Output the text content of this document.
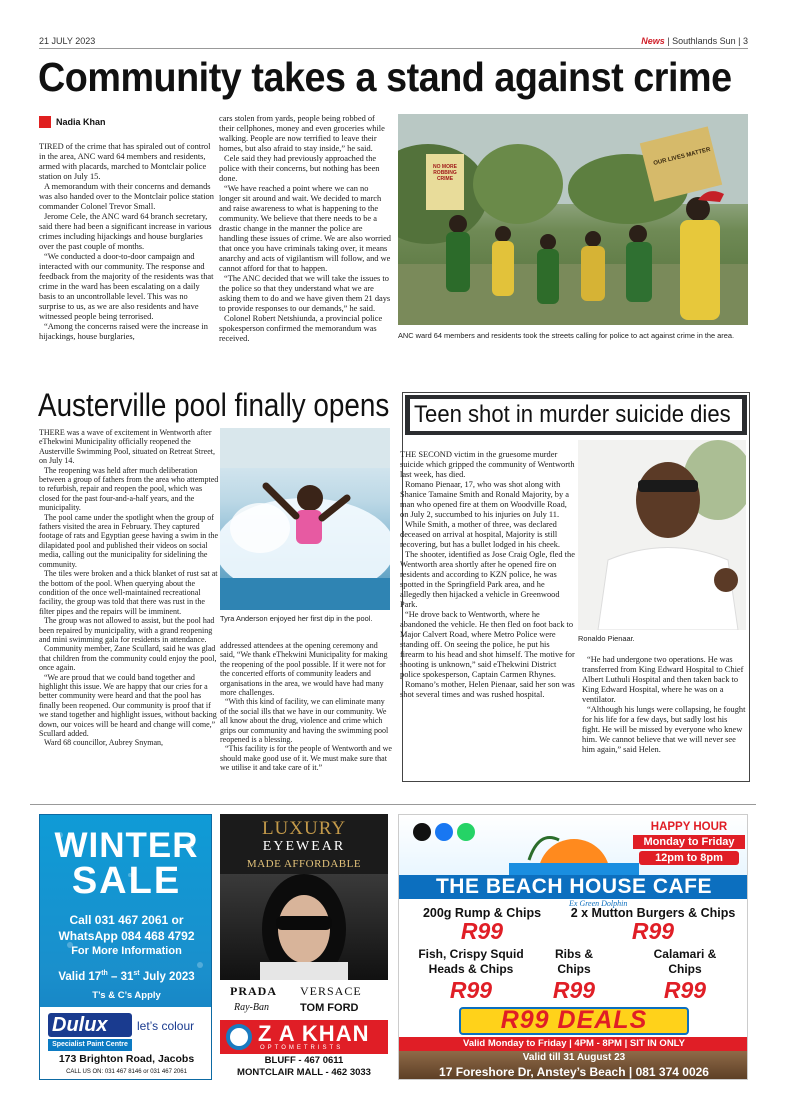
21 JULY 2023	News | Southlands Sun | 3
Community takes a stand against crime
Nadia Khan

TIRED of the crime that has spiraled out of control in the area, ANC ward 64 members and residents, armed with placards, marched to Montclair police station on July 15.

A memorandum with their concerns and demands was also handed over to the Montclair police station commander Colonel Trevor Small.

Jerome Cele, the ANC ward 64 branch secretary, said there had been a significant increase in various crimes including hijackings and house burglaries over the past couple of months.

“We conducted a door-to-door campaign and interacted with our community. The response and feedback from the majority of the residents was that crime in the ward has been escalating on a daily basis to an uncontrollable level. This was no surprise to us, as we are also residents and have witnessed people being terrorised.

“Among the concerns raised were the increase in hijackings, house burglaries,

cars stolen from yards, people being robbed of their cellphones, money and even groceries while walking. People are now terrified to leave their homes, but also afraid to stay inside,” he said.

Cele said they had previously approached the police with their concerns, but nothing has been done.

“We have reached a point where we can no longer sit around and wait. We decided to march and raise awareness to what is happening to the community. We believe that there needs to be a drastic change in the manner the police are handling these issues of crime. We are also worried that once you have criminals taking over, it means anarchy and acts of vigilantism will follow, and we cannot afford for that to happen.

“The ANC decided that we will take the issues to the police so that they understand what we are asking them to do and we have given them 21 days to provide responses to our demands,” he said.

Colonel Robert Netshiunda, a provincial police spokesperson confirmed the memorandum was received.

OUR LIVES MATTER
NO MORE ROBBING CRIME
ANC ward 64 members and residents took the streets calling for police to act against crime in the area.
Austerville pool finally opens

THERE was a wave of excitement in Wentworth after eThekwini Municipality officially reopened the Austerville Swimming Pool, situated on Retreat Street, on July 14.

The reopening was held after much deliberation between a group of fathers from the area who attempted to refurbish, repair and reopen the pool, which was closed for the past four-and-a-half years, and the municipality.

The pool came under the spotlight when the group of fathers visited the area in February. They captured footage of rats and Egyptian geese having a swim in the dilapidated pool and published their videos on social media, calling out the municipality for sidelining the community.

The tiles were broken and a thick blanket of rust sat at the bottom of the pool. When querying about the condition of the once well-maintained recreational facility, the group was told that there was rust in the filter pipes and the repairs will be imminent.

The group was not allowed to assist, but the pool had been repaired by municipality, with a grand reopening and mini swimming gala for residents in attendance.

Community member, Zane Scullard, said he was glad that children from the community could enjoy the pool, once again.

“We are proud that we could band together and highlight this issue. We are happy that our cries for a better community were heard and that the pool has finally been reopened. Our community is proof that if we stand together and highlight issues, without backing down, our voices will be heard and change will come,” Scullard added.

Ward 68 councillor, Aubrey Snyman,

Tyra Anderson enjoyed her first dip in the pool.

addressed attendees at the opening ceremony and said, “We thank eThekwini Municipality for making the reopening of the pool possible. If it were not for the concerted efforts of community leaders and organisations in the area, we would have had many more challenges.

“With this kind of facility, we can eliminate many of the social ills that we have in our community. We all know about the drug, violence and crime which grips our community and having the swimming pool reopened is a blessing.

“This facility is for the people of Wentworth and we should make good use of it. We must make sure that we utilise it and take care of it.”

Teen shot in murder suicide dies

THE SECOND victim in the gruesome murder suicide which gripped the community of Wentworth last week, has died.

Romano Pienaar, 17, who was shot along with Shanice Tamaine Smith and Ronald Majority, by a man who opened fire at them on Woodville Road, on July 2, succumbed to his injuries on July 11.

While Smith, a mother of three, was declared deceased on arrival at hospital, Majority is still recovering, but has a bullet lodged in his cheek.

The shooter, identified as Jose Craig Ogle, fled the Wentworth area shortly after he opened fire on residents and according to KZN police, he was spotted in the Springfield Park area, and he allegedly then hijacked a vehicle in Greenwood Park.

“He drove back to Wentworth, where he abandoned the vehicle. He then fled on foot back to Major Calvert Road, where Metro Police were standing off. On seeing the police, he put his firearm to his head and shot himself. The motive for shooting is unknown,” said eThekwini District police spokesperson, Captain Carmen Rhynes.

Romano’s mother, Helen Pienaar, said her son was shot several times and was rushed hospital.

Ronaldo Pienaar.

“He had undergone two operations. He was transferred from King Edward Hospital to Chief Albert Luthuli Hospital and then taken back to King Edward Hospital, where he was on a ventilator.

“Although his lungs were collapsing, he fought for his life for a few days, but sadly lost his fight. He will be missed by everyone who knew him. We cannot believe that we will never see him again,” said Helen.

WINTER
SALE
Call 031 467 2061 or
WhatsApp 084 468 4792
For More Information
Valid 17th – 31st July 2023
T’s & C’s Apply
Dulux let’s colour
Specialist Paint Centre
173 Brighton Road, Jacobs
CALL US ON: 031 467 8146 or 031 467 2061
LUXURY
EYEWEAR
MADE AFFORDABLE
PRADA VERSACE
Ray-Ban	TOM FORD
Z A KHAN
OPTOMETRISTS
BLUFF - 467 0611
MONTCLAIR MALL - 462 3033
HAPPY HOUR
Monday to Friday
12pm to 8pm
THE BEACH HOUSE CAFE
Ex Green Dolphin
200g Rump & Chips
R99
2 x Mutton Burgers & Chips
R99
Fish, Crispy Squid
Heads & Chips
R99
Ribs &
Chips
R99
Calamari &
Chips
R99
R99 DEALS
Valid Monday to Friday | 4PM - 8PM | SIT IN ONLY
Valid till 31 August 23
17 Foreshore Dr, Anstey’s Beach | 081 374 0026
